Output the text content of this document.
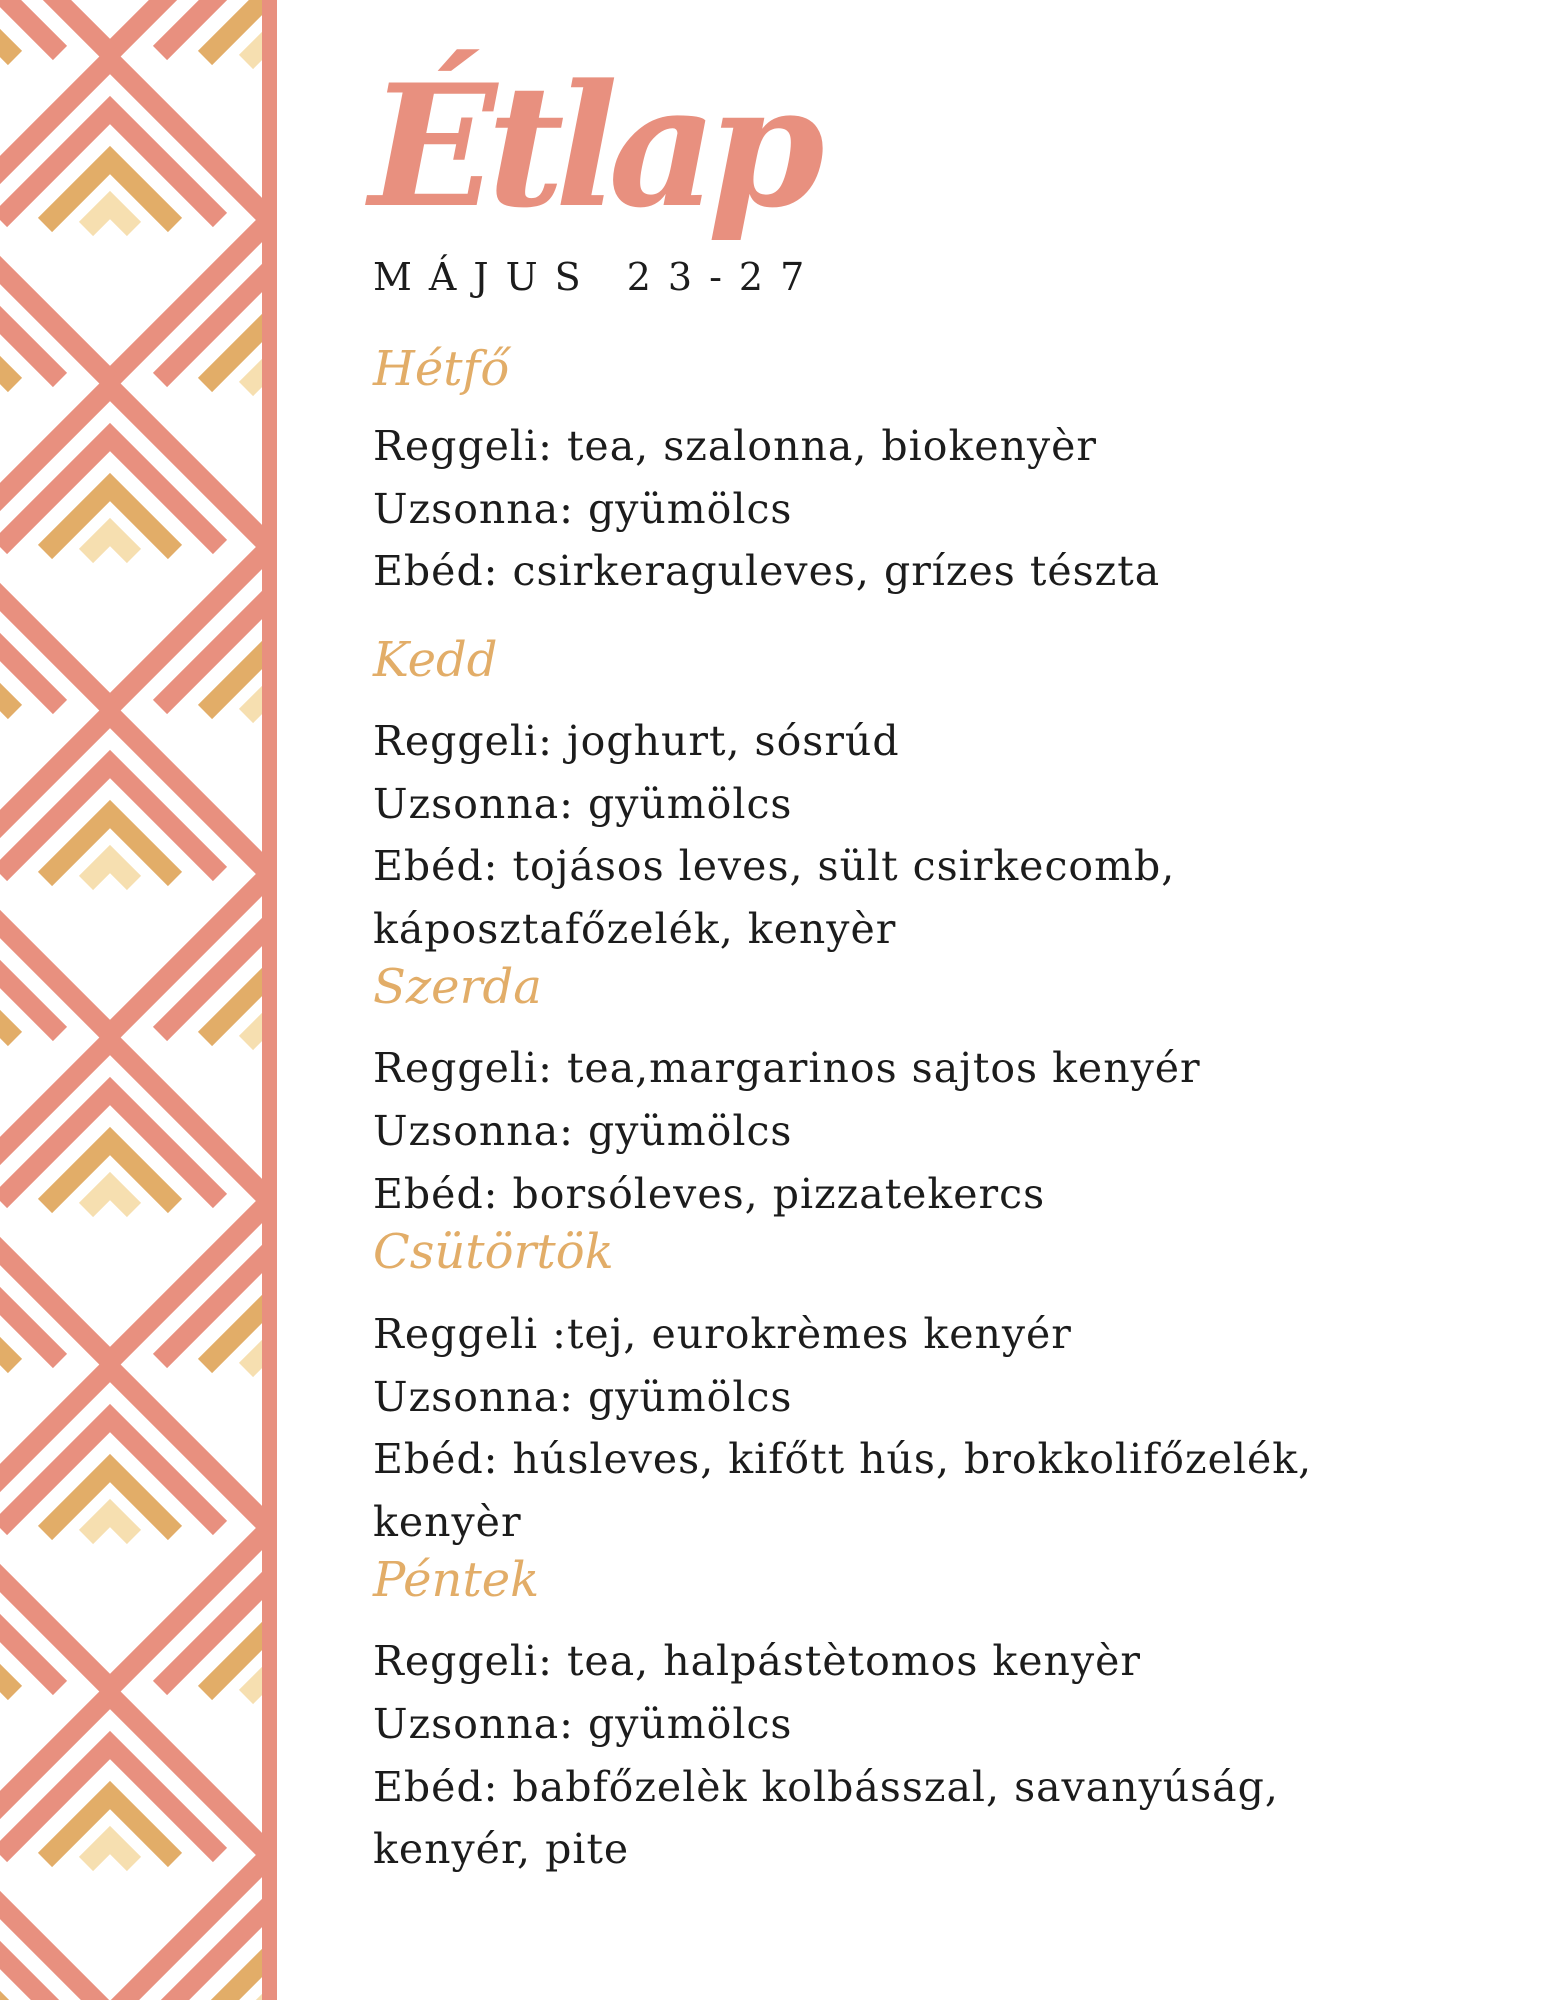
Étlap
MÁJUS 23-27
Hétfő
Reggeli: tea, szalonna, biokenyèr
Uzsonna: gyümölcs
Ebéd: csirkeraguleves, grízes tészta
Kedd
Reggeli: joghurt, sósrúd
Uzsonna: gyümölcs
Ebéd: tojásos leves, sült csirkecomb,
káposztafőzelék, kenyèr
Szerda
Reggeli: tea,margarinos sajtos kenyér
Uzsonna: gyümölcs
Ebéd: borsóleves, pizzatekercs
Csütörtök
Reggeli :tej, eurokrèmes kenyér
Uzsonna: gyümölcs
Ebéd: húsleves, kifőtt hús, brokkolifőzelék,
kenyèr
Péntek
Reggeli: tea, halpástètomos kenyèr
Uzsonna: gyümölcs
Ebéd: babfőzelèk kolbásszal, savanyúság,
kenyér, pite
